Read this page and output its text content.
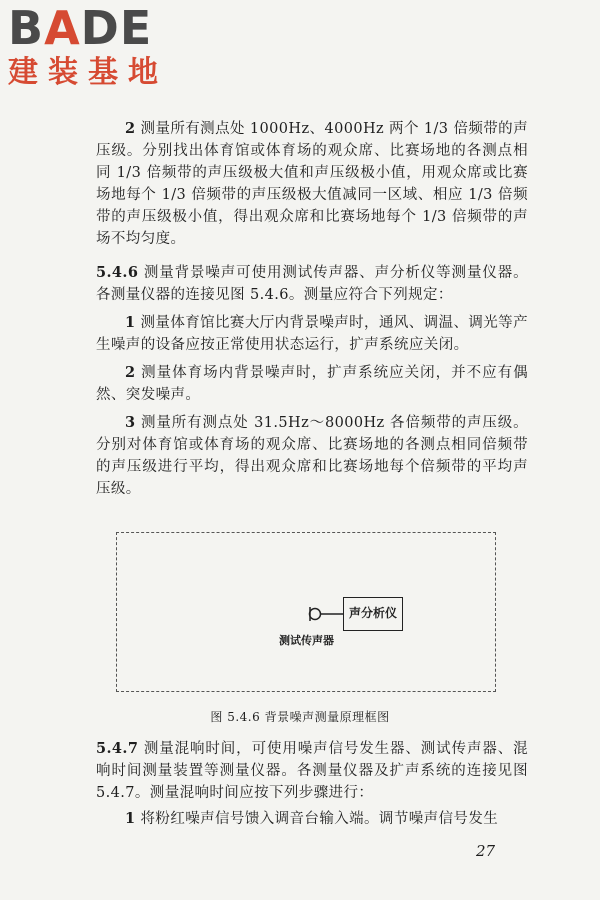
BADE
建装基地

2 测量所有测点处 1000Hz、4000Hz 两个 1/3 倍频带的声压级。分别找出体育馆或体育场的观众席、比赛场地的各测点相同 1/3 倍频带的声压级极大值和声压级极小值，用观众席或比赛场地每个 1/3 倍频带的声压级极大值减同一区域、相应 1/3 倍频带的声压级极小值，得出观众席和比赛场地每个 1/3 倍频带的声场不均匀度。

5.4.6 测量背景噪声可使用测试传声器、声分析仪等测量仪器。各测量仪器的连接见图 5.4.6。测量应符合下列规定：

1 测量体育馆比赛大厅内背景噪声时，通风、调温、调光等产生噪声的设备应按正常使用状态运行，扩声系统应关闭。

2 测量体育场内背景噪声时，扩声系统应关闭，并不应有偶然、突发噪声。

3 测量所有测点处 31.5Hz～8000Hz 各倍频带的声压级。分别对体育馆或体育场的观众席、比赛场地的各测点相同倍频带的声压级进行平均，得出观众席和比赛场地每个倍频带的平均声压级。

声分析仪
测试传声器
图 5.4.6 背景噪声测量原理框图

5.4.7 测量混响时间，可使用噪声信号发生器、测试传声器、混响时间测量装置等测量仪器。各测量仪器及扩声系统的连接见图 5.4.7。测量混响时间应按下列步骤进行：

1 将粉红噪声信号馈入调音台输入端。调节噪声信号发生

27
